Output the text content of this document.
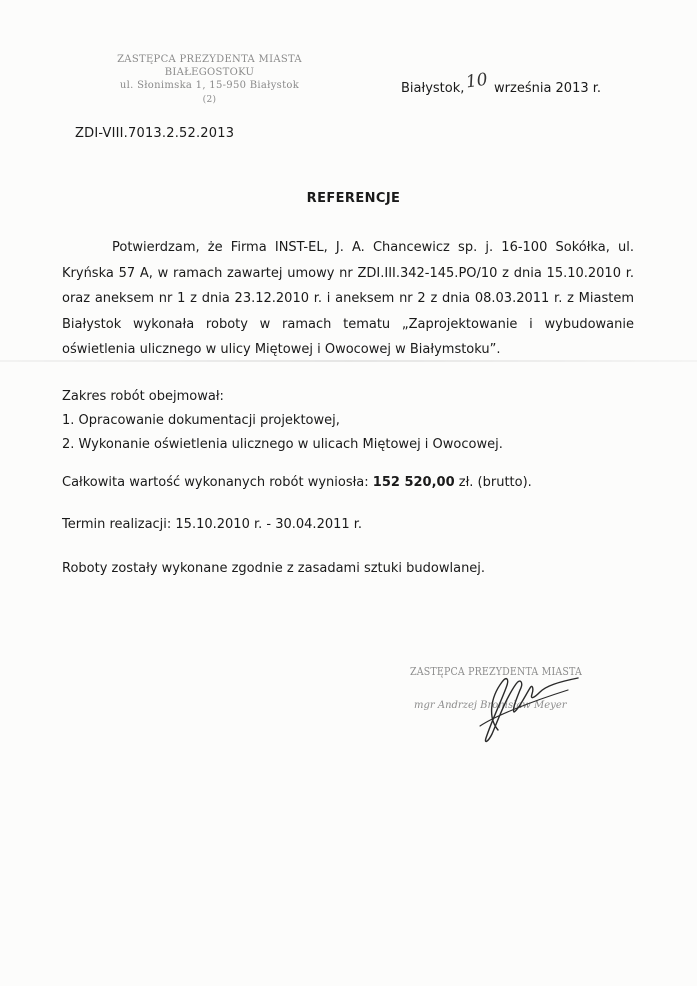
ZASTĘPCA PREZYDENTA MIASTA
BIAŁEGOSTOKU
ul. Słonimska 1, 15-950 Białystok
(2)
Białystok,10 września 2013 r.
ZDI-VIII.7013.2.52.2013
REFERENCJE

Potwierdzam, że Firma INST-EL, J. A. Chancewicz sp. j. 16-100 Sokółka, ul. Kryńska 57 A, w ramach zawartej umowy nr ZDI.III.342-145.PO/10 z dnia 15.10.2010 r. oraz aneksem nr 1 z dnia 23.12.2010 r. i aneksem nr 2 z dnia 08.03.2011 r. z Miastem Białystok wykonała roboty w ramach tematu „Zaprojektowanie i wybudowanie oświetlenia ulicznego w ulicy Miętowej i Owocowej w Białymstoku”.

Zakres robót obejmował:
1. Opracowanie dokumentacji projektowej,
2. Wykonanie oświetlenia ulicznego w ulicach Miętowej i Owocowej.
Całkowita wartość wykonanych robót wyniosła: 152 520,00 zł. (brutto).
Termin realizacji: 15.10.2010 r. - 30.04.2011 r.
Roboty zostały wykonane zgodnie z zasadami sztuki budowlanej.
ZASTĘPCA PREZYDENTA MIASTA
mgr Andrzej Bronisław Meyer
